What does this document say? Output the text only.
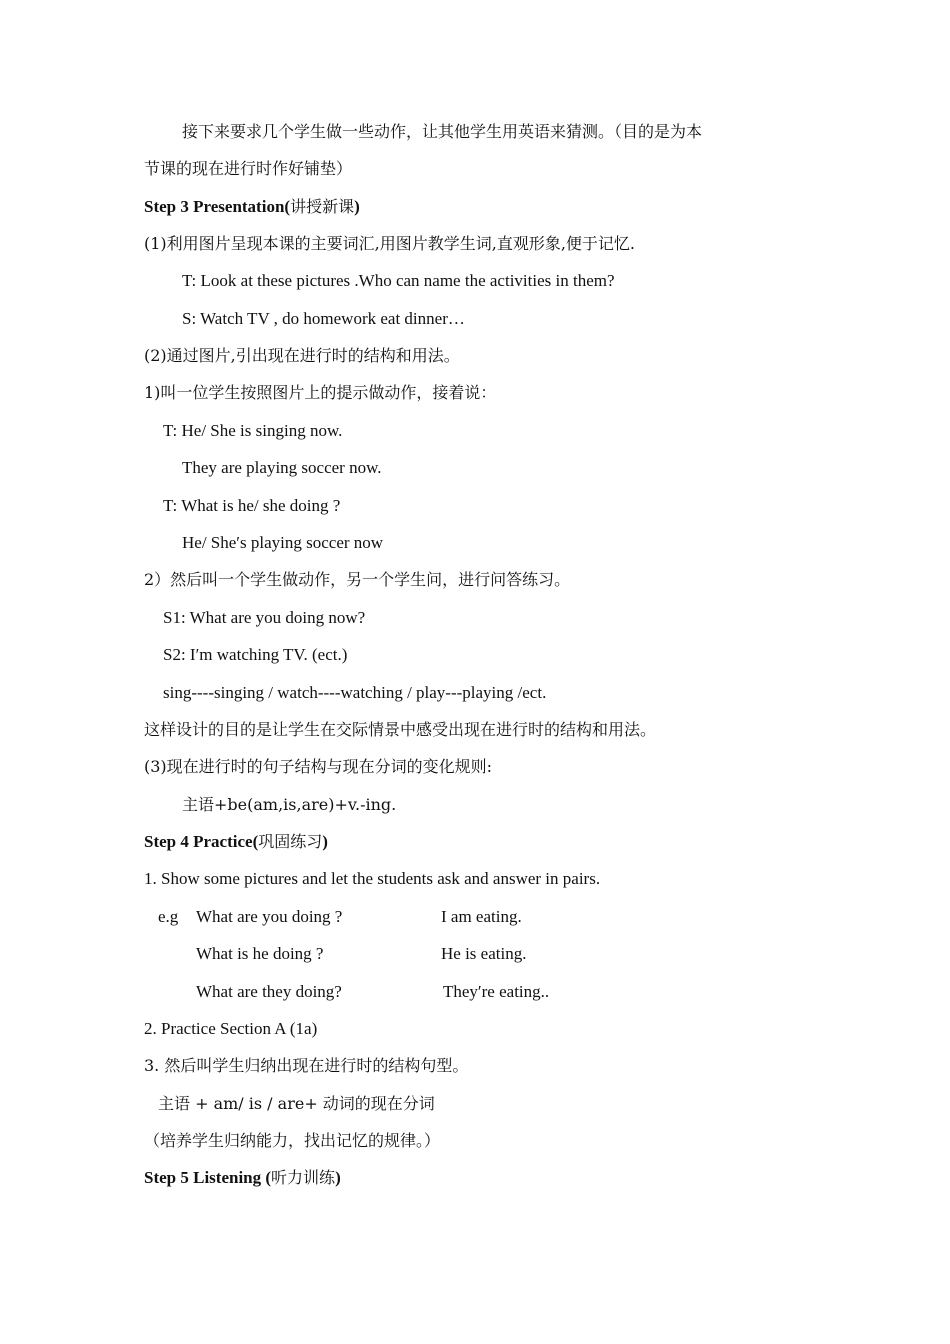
接下来要求几个学生做一些动作，让其他学生用英语来猜测。（目的是为本
节课的现在进行时作好铺垫）
Step 3 Presentation(讲授新课)
(1)利用图片呈现本课的主要词汇,用图片教学生词,直观形象,便于记忆.
T: Look at these pictures .Who can name the activities in them?
S: Watch TV , do homework eat dinner…
(2)通过图片,引出现在进行时的结构和用法。
1)叫一位学生按照图片上的提示做动作，接着说：
T: He/ She is singing now.
They are playing soccer now.
T: What is he/ she doing ?
He/ She′s playing soccer now
2）然后叫一个学生做动作，另一个学生问，进行问答练习。
S1: What are you doing now?
S2: I′m watching TV. (ect.)
sing----singing / watch----watching / play---playing /ect.
这样设计的目的是让学生在交际情景中感受出现在进行时的结构和用法。
(3)现在进行时的句子结构与现在分词的变化规则:
主语+be(am,is,are)+v.-ing.
Step 4 Practice(巩固练习)
1. Show some pictures and let the students ask and answer in pairs.
e.g What are you doing ?	I am eating.
What is he doing ?	He is eating.
What are they doing?	They′re eating..
2. Practice Section A (1a)
3. 然后叫学生归纳出现在进行时的结构句型。
主语 + am/ is / are+ 动词的现在分词
（培养学生归纳能力，找出记忆的规律。）
Step 5 Listening (听力训练)
